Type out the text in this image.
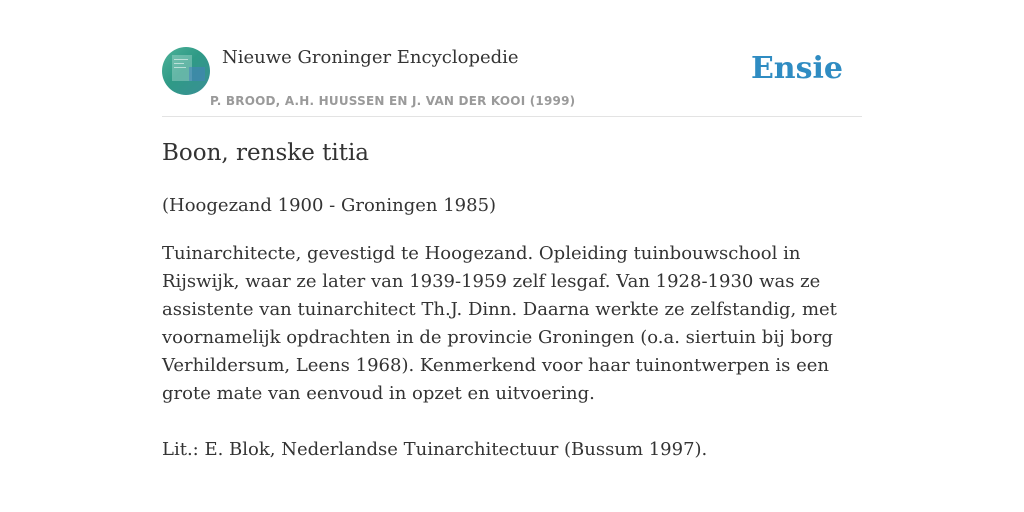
Nieuwe Groninger Encyclopedie
P. BROOD, A.H. HUUSSEN EN J. VAN DER KOOI (1999)
Ensie
Boon, renske titia
(Hoogezand 1900 - Groningen 1985)

Tuinarchitecte, gevestigd te Hoogezand. Opleiding tuinbouwschool in Rijswijk, waar ze later van 1939-1959 zelf lesgaf. Van 1928-1930 was ze assistente van tuinarchitect Th.J. Dinn. Daarna werkte ze zelfstandig, met voornamelijk opdrachten in de provincie Groningen (o.a. siertuin bij borg Verhildersum, Leens 1968). Kenmerkend voor haar tuinontwerpen is een grote mate van eenvoud in opzet en uitvoering.

Lit.: E. Blok, Nederlandse Tuinarchitectuur (Bussum 1997).
